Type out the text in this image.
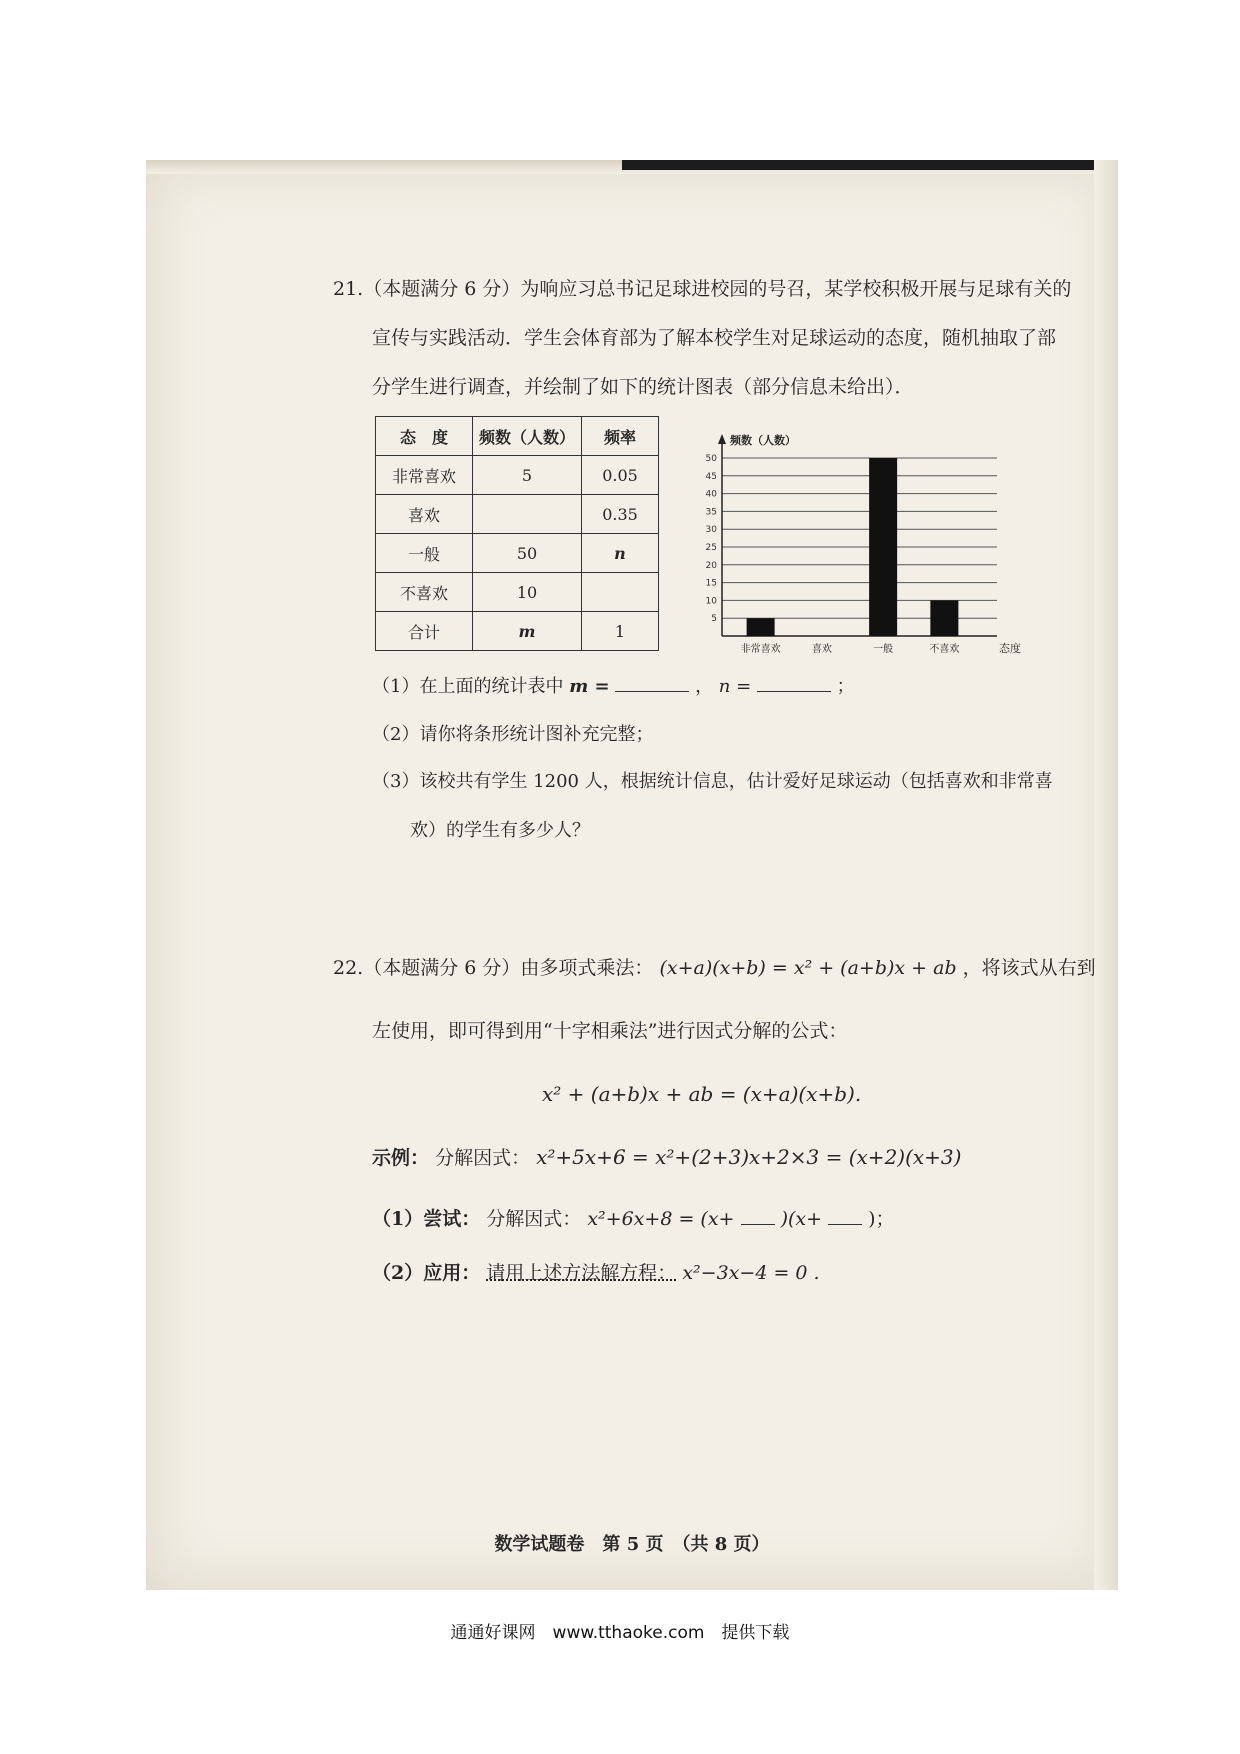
数学试题卷　第 5 页　（共 8 页）
21.（本题满分 6 分）为响应习总书记足球进校园的号召，某学校积极开展与足球有关的
宣传与实践活动．学生会体育部为了解本校学生对足球运动的态度，随机抽取了部
分学生进行调查，并绘制了如下的统计图表（部分信息未给出）．
态　度	频数（人数）	频率
非常喜欢	5	0.05
喜欢		0.35
一般	50	n
不喜欢	10	
合计	m	1
5
10
15
20
25
30
35
40
45
50
频数（人数）
态度
非常喜欢	喜欢	一般	不喜欢
（1）在上面的统计表中 m =	， n =	；
（2）请你将条形统计图补充完整；
（3）该校共有学生 1200 人，根据统计信息，估计爱好足球运动（包括喜欢和非常喜
欢）的学生有多少人？
22.（本题满分 6 分）由多项式乘法： (x+a)(x+b) = x² + (a+b)x + ab ，将该式从右到
左使用，即可得到用“十字相乘法”进行因式分解的公式：
x² + (a+b)x + ab = (x+a)(x+b).
示例： 分解因式： x²+5x+6 = x²+(2+3)x+2×3 = (x+2)(x+3)
（1）尝试： 分解因式： x²+6x+8 = (x+ )(x+ )；
（2）应用： 请用上述方法解方程： x²−3x−4 = 0 .
通通好课网　www.tthaoke.com　提供下载
